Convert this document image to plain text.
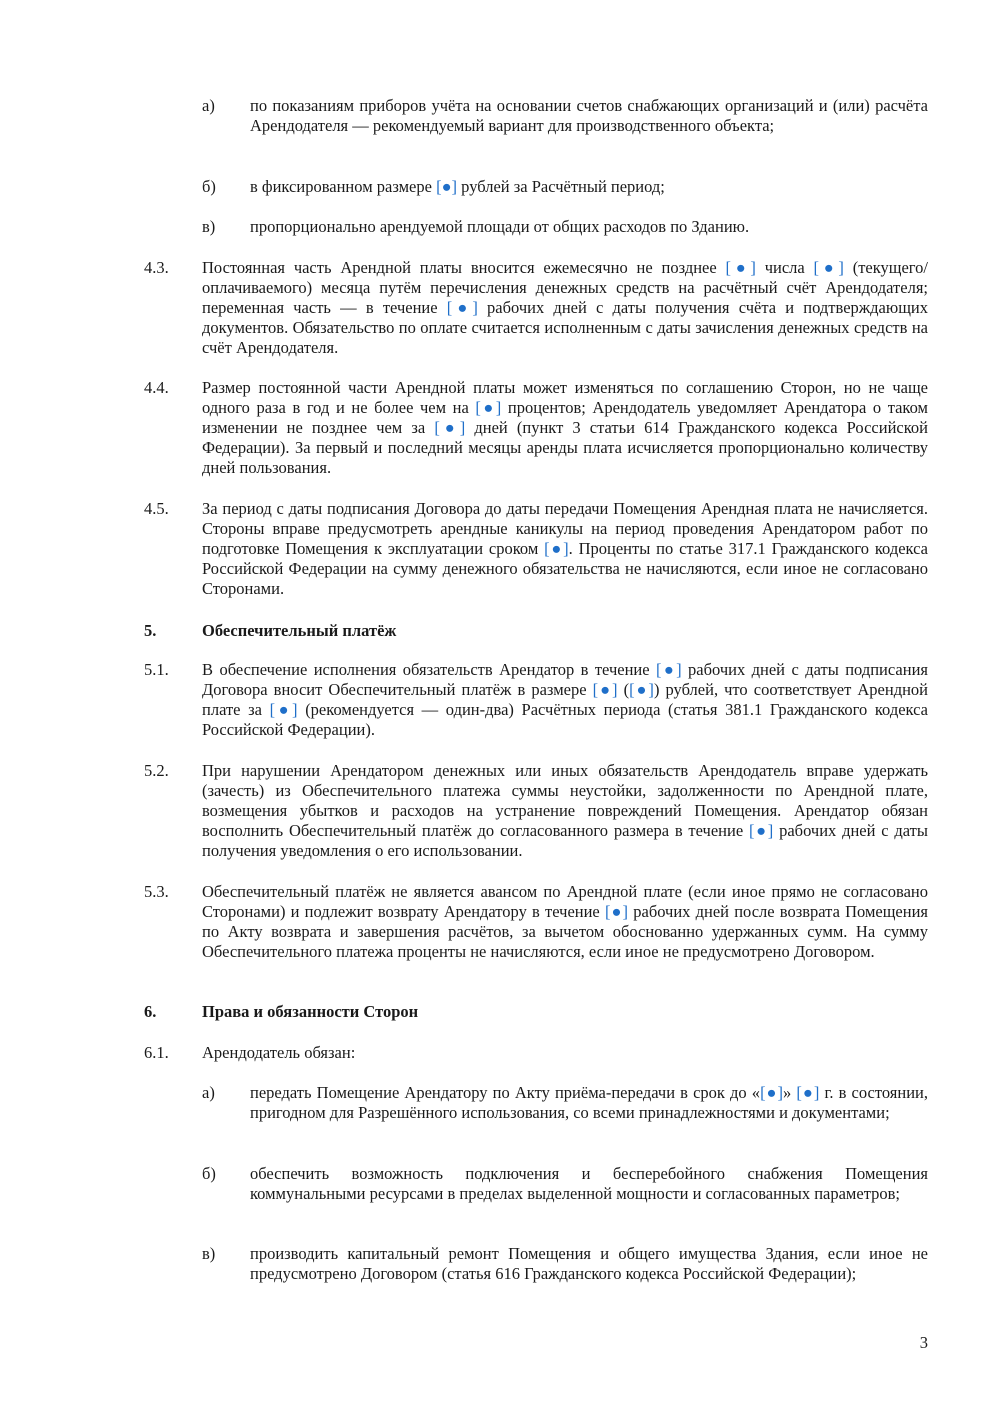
а) по показаниям приборов учёта на основании счетов снабжающих организаций и (или) расчёта Арендодателя — рекомендуемый вариант для производственного объекта;
б) в фиксированном размере [●] рублей за Расчётный период;
в) пропорционально арендуемой площади от общих расходов по Зданию.
4.3. Постоянная часть Арендной платы вносится ежемесячно не позднее [●] числа [●] (текущего/оплачиваемого) месяца путём перечисления денежных средств на расчётный счёт Арендодателя; переменная часть — в течение [●] рабочих дней с даты получения счёта и подтверждающих документов. Обязательство по оплате считается исполненным с даты зачисления денежных средств на счёт Арендодателя.
4.4. Размер постоянной части Арендной платы может изменяться по соглашению Сторон, но не чаще одного раза в год и не более чем на [●] процентов; Арендодатель уведомляет Арендатора о таком изменении не позднее чем за [●] дней (пункт 3 статьи 614 Гражданского кодекса Российской Федерации). За первый и последний месяцы аренды плата исчисляется пропорционально количеству дней пользования.
4.5. За период с даты подписания Договора до даты передачи Помещения Арендная плата не начисляется. Стороны вправе предусмотреть арендные каникулы на период проведения Арендатором работ по подготовке Помещения к эксплуатации сроком [●]. Проценты по статье 317.1 Гражданского кодекса Российской Федерации на сумму денежного обязательства не начисляются, если иное не согласовано Сторонами.
5.	Обеспечительный платёж
5.1. В обеспечение исполнения обязательств Арендатор в течение [●] рабочих дней с даты подписания Договора вносит Обеспечительный платёж в размере [●] ([●]) рублей, что соответствует Арендной плате за [●] (рекомендуется — один-два) Расчётных периода (статья 381.1 Гражданского кодекса Российской Федерации).
5.2. При нарушении Арендатором денежных или иных обязательств Арендодатель вправе удержать (зачесть) из Обеспечительного платежа суммы неустойки, задолженности по Арендной плате, возмещения убытков и расходов на устранение повреждений Помещения. Арендатор обязан восполнить Обеспечительный платёж до согласованного размера в течение [●] рабочих дней с даты получения уведомления о его использовании.
5.3. Обеспечительный платёж не является авансом по Арендной плате (если иное прямо не согласовано Сторонами) и подлежит возврату Арендатору в течение [●] рабочих дней после возврата Помещения по Акту возврата и завершения расчётов, за вычетом обоснованно удержанных сумм. На сумму Обеспечительного платежа проценты не начисляются, если иное не предусмотрено Договором.
6.	Права и обязанности Сторон
6.1. Арендодатель обязан:
а) передать Помещение Арендатору по Акту приёма-передачи в срок до «[●]» [●] г. в состоянии, пригодном для Разрешённого использования, со всеми принадлежностями и документами;
б) обеспечить возможность подключения и бесперебойного снабжения Помещения коммунальными ресурсами в пределах выделенной мощности и согласованных параметров;
в) производить капитальный ремонт Помещения и общего имущества Здания, если иное не предусмотрено Договором (статья 616 Гражданского кодекса Российской Федерации);
3
